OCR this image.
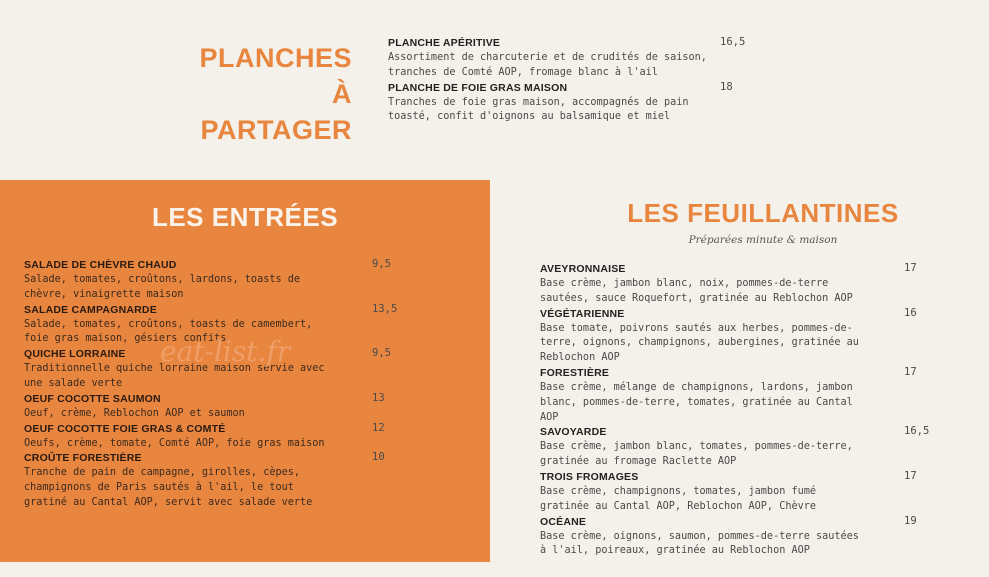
PLANCHES
À PARTAGER
PLANCHE APÉRITIVE
Assortiment de charcuterie et de crudités de saison, tranches de Comté AOP, fromage blanc à l'ail
16,5
PLANCHE DE FOIE GRAS MAISON
Tranches de foie gras maison, accompagnés de pain toasté, confit d'oignons au balsamique et miel
18
LES ENTRÉES
SALADE DE CHÈVRE CHAUD
Salade, tomates, croûtons, lardons, toasts de chèvre, vinaigrette maison
9,5
SALADE CAMPAGNARDE
Salade, tomates, croûtons, toasts de camembert, foie gras maison, gésiers confits
13,5
QUICHE LORRAINE
Traditionnelle quiche lorraine maison servie avec une salade verte
9,5
OEUF COCOTTE SAUMON
Oeuf, crème, Reblochon AOP et saumon
13
OEUF COCOTTE FOIE GRAS & COMTÉ
Oeufs, crème, tomate, Comté AOP, foie gras maison
12
CROÛTE FORESTIÈRE
Tranche de pain de campagne, girolles, cèpes, champignons de Paris sautés à l'ail, le tout gratiné au Cantal AOP, servit avec salade verte
10
eat-list.fr
LES FEUILLANTINES
Préparées minute & maison
AVEYRONNAISE
Base crème, jambon blanc, noix, pommes-de-terre sautées, sauce Roquefort, gratinée au Reblochon AOP
17
VÉGÉTARIENNE
Base tomate, poivrons sautés aux herbes, pommes-de-terre, oignons, champignons, aubergines, gratinée au Reblochon AOP
16
FORESTIÈRE
Base crème, mélange de champignons, lardons, jambon blanc, pommes-de-terre, tomates, gratinée au Cantal AOP
17
SAVOYARDE
Base crème, jambon blanc, tomates, pommes-de-terre, gratinée au fromage Raclette AOP
16,5
TROIS FROMAGES
Base crème, champignons, tomates, jambon fumé gratinée au Cantal AOP, Reblochon AOP, Chèvre
17
OCÉANE
Base crème, oignons, saumon, pommes-de-terre sautées à l'ail, poireaux, gratinée au Reblochon AOP
19
